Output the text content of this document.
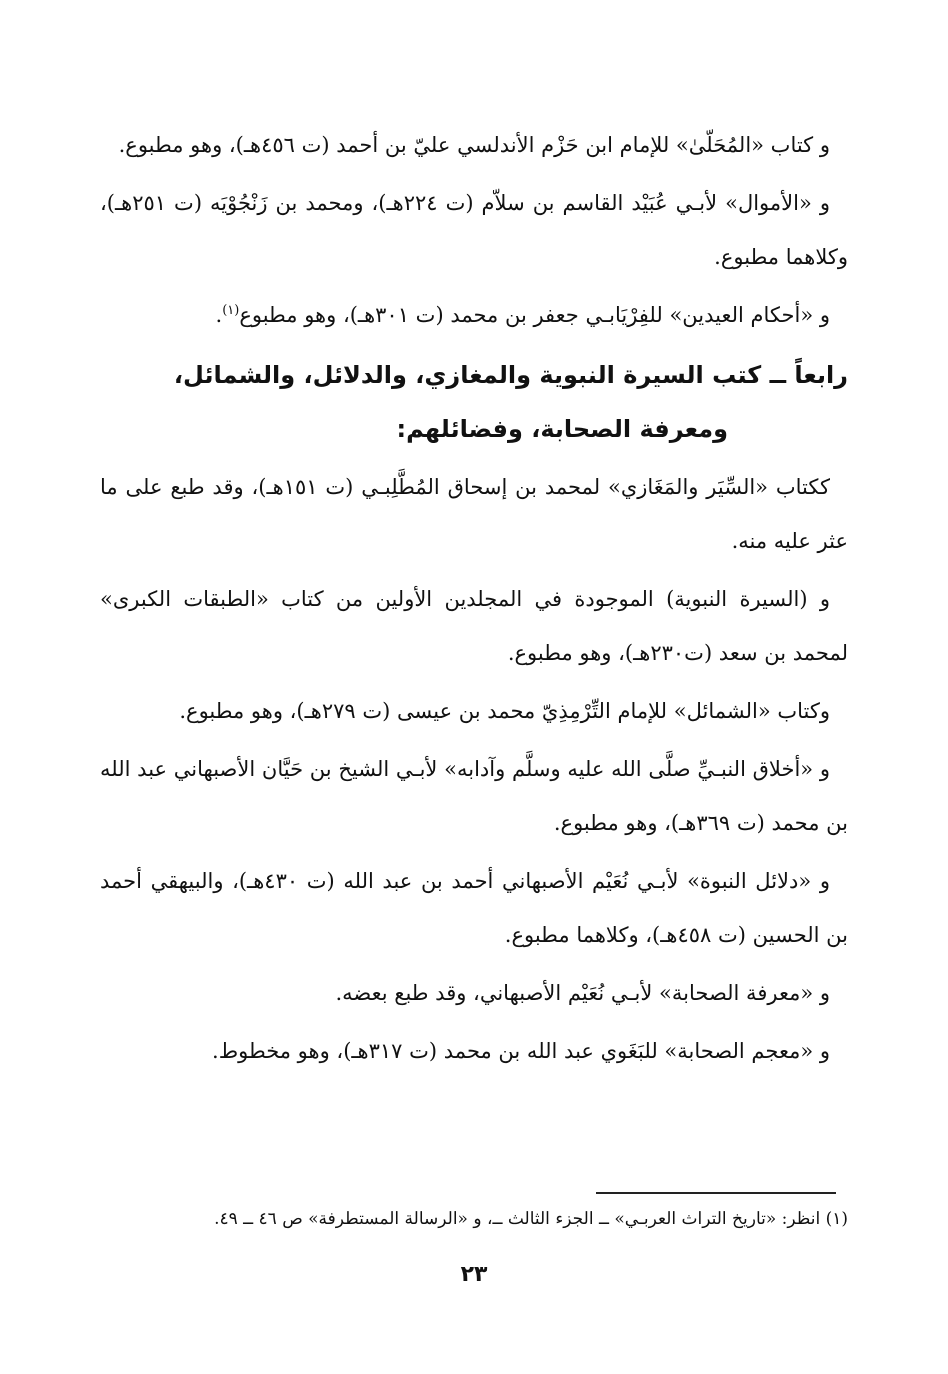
و كتاب «المُحَلّىٰ» للإمام ابن حَزْم الأندلسي عليّ بن أحمد (ت ٤٥٦هـ)، وهو مطبوع.

و «الأموال» لأبـي عُبَيْد القاسم بن سلاّم (ت ٢٢٤هـ)، ومحمد بن زَنْجُوْيَه (ت ٢٥١هـ)، وكلاهما مطبوع.

و «أحكام العيدين» للفِرْيَابـي جعفر بن محمد (ت ٣٠١هـ)، وهو مطبوع$^{(١)}$.

رابعاً ــ كتب السيرة النبوية والمغازي، والدلائل، والشمائل،
ومعرفة الصحابة، وفضائلهم:

ككتاب «السِّيَر والمَغَازي» لمحمد بن إسحاق المُطَّلِبـي (ت ١٥١هـ)، وقد طبع على ما عثر عليه منه.

و (السيرة النبوية) الموجودة في المجلدين الأولين من كتاب «الطبقات الكبرى» لمحمد بن سعد (ت٢٣٠هـ)، وهو مطبوع.

وكتاب «الشمائل» للإمام التِّرْمِذِيّ محمد بن عيسى (ت ٢٧٩هـ)، وهو مطبوع.

و «أخلاق النبـيِّ صلَّى الله عليه وسلَّم وآدابه» لأبـي الشيخ بن حَيَّان الأصبهاني عبد الله بن محمد (ت ٣٦٩هـ)، وهو مطبوع.

و «دلائل النبوة» لأبـي نُعَيْم الأصبهاني أحمد بن عبد الله (ت ٤٣٠هـ)، والبيهقي أحمد بن الحسين (ت ٤٥٨هـ)، وكلاهما مطبوع.

و «معرفة الصحابة» لأبـي نُعَيْم الأصبهاني، وقد طبع بعضه.

و «معجم الصحابة» للبَغَوي عبد الله بن محمد (ت ٣١٧هـ)، وهو مخطوط.

(١) انظر: «تاريخ التراث العربـي» ــ الجزء الثالث ــ، و «الرسالة المستطرفة» ص ٤٦ ــ ٤٩.
٢٣
